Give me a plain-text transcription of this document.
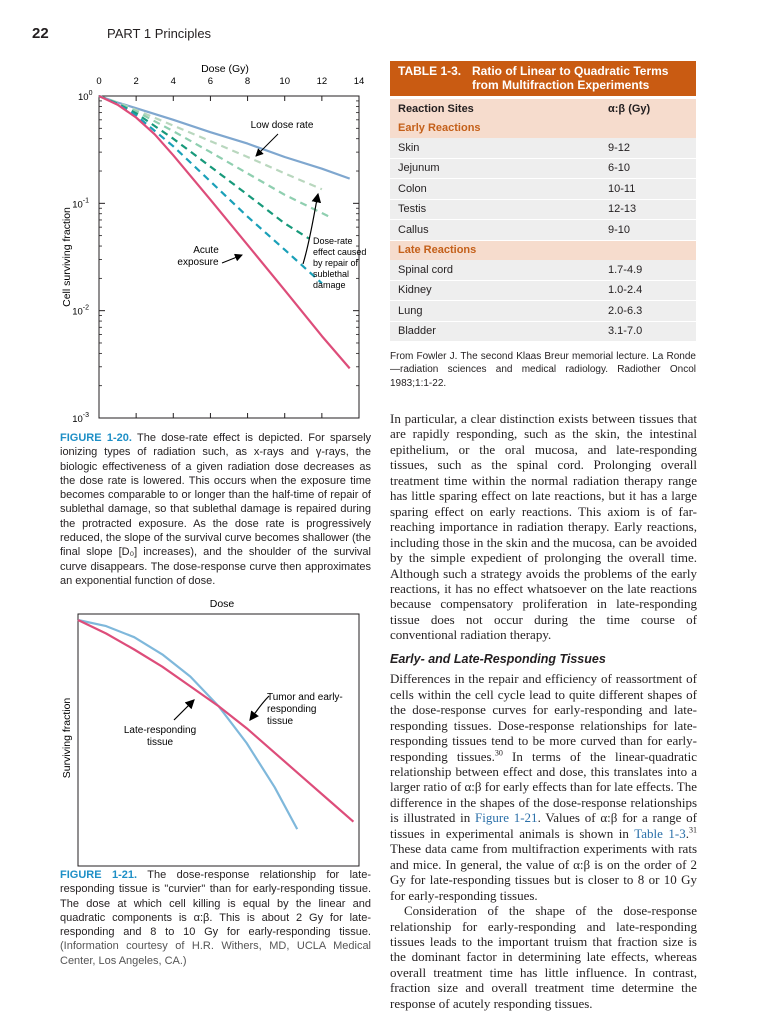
22	PART 1 Principles
Dose (Gy)
0	2	4	6	8	10	12	14
$10^0$
$10^{-1}$
$10^{-2}$
$10^{-3}$
Cell surviving fraction
Low dose rate
Acute
exposure
Dose-rate
effect caused
by repair of
sublethal
damage
FIGURE 1-20. The dose-rate effect is depicted. For sparsely ionizing types of radiation such, as x-rays and γ-rays, the biologic effectiveness of a given radiation dose decreases as the dose rate is lowered. This occurs when the exposure time becomes comparable to or longer than the half-time of repair of sublethal damage, so that sublethal damage is repaired during the protracted exposure. As the dose rate is progressively reduced, the slope of the survival curve becomes shallower (the final slope [D₀] increases), and the shoulder of the survival curve disappears. The dose-response curve then approximates an exponential function of dose.
Dose
Surviving fraction	Late-responding
tissue
Tumor and early-
responding
tissue
FIGURE 1-21. The dose-response relationship for late-responding tissue is "curvier" than for early-responding tissue. The dose at which cell killing is equal by the linear and quadratic components is α:β. This is about 2 Gy for late-responding and 8 to 10 Gy for early-responding tissue. (Information courtesy of H.R. Withers, MD, UCLA Medical Center, Los Angeles, CA.)
TABLE 1-3. Ratio of Linear to Quadratic Terms
from Multifraction Experiments
Reaction Sites	α:β (Gy)
Early Reactions	
Skin	9-12
Jejunum	6-10
Colon	10-11
Testis	12-13
Callus	9-10
Late Reactions	
Spinal cord	1.7-4.9
Kidney	1.0-2.4
Lung	2.0-6.3
Bladder	3.1-7.0
From Fowler J. The second Klaas Breur memorial lecture. La Ronde—radiation sciences and medical radiology. Radiother Oncol 1983;1:1-22.

In particular, a clear distinction exists between tissues that are rapidly responding, such as the skin, the intestinal epithelium, or the oral mucosa, and late-responding tissues, such as the spinal cord. Prolonging overall treatment time within the normal radiation therapy range has little sparing effect on late reactions, but it has a large sparing effect on early reactions. This axiom is of far-reaching importance in radiation therapy. Early reactions, including those in the skin and the mucosa, can be avoided by the simple expedient of prolonging the overall time. Although such a strategy avoids the problems of the early reactions, it has no effect whatsoever on the late reactions because compensatory proliferation in late-responding tissue does not occur during the time course of conventional radiation therapy.

Early- and Late-Responding Tissues

Differences in the repair and efficiency of reassortment of cells within the cell cycle lead to quite different shapes of the dose-response curves for early-responding and late-responding tissues. Dose-response relationships for late-responding tissues tend to be more curved than for early-responding tissues.$^{30}$ In terms of the linear-quadratic relationship between effect and dose, this translates into a larger ratio of α:β for early effects than for late effects. The difference in the shapes of the dose-response relationships is illustrated in Figure 1-21. Values of α:β for a range of tissues in experimental animals is shown in Table 1-3.31 These data came from multifraction experiments with rats and mice. In general, the value of α:β is on the order of 2 Gy for late-responding tissues but is closer to 8 or 10 Gy for early-responding tissues.

Consideration of the shape of the dose-response relationship for early-responding and late-responding tissues leads to the important truism that fraction size is the dominant factor in determining late effects, whereas overall treatment time has little influence. In contrast, fraction size and overall treatment time determine the response of acutely responding tissues.
